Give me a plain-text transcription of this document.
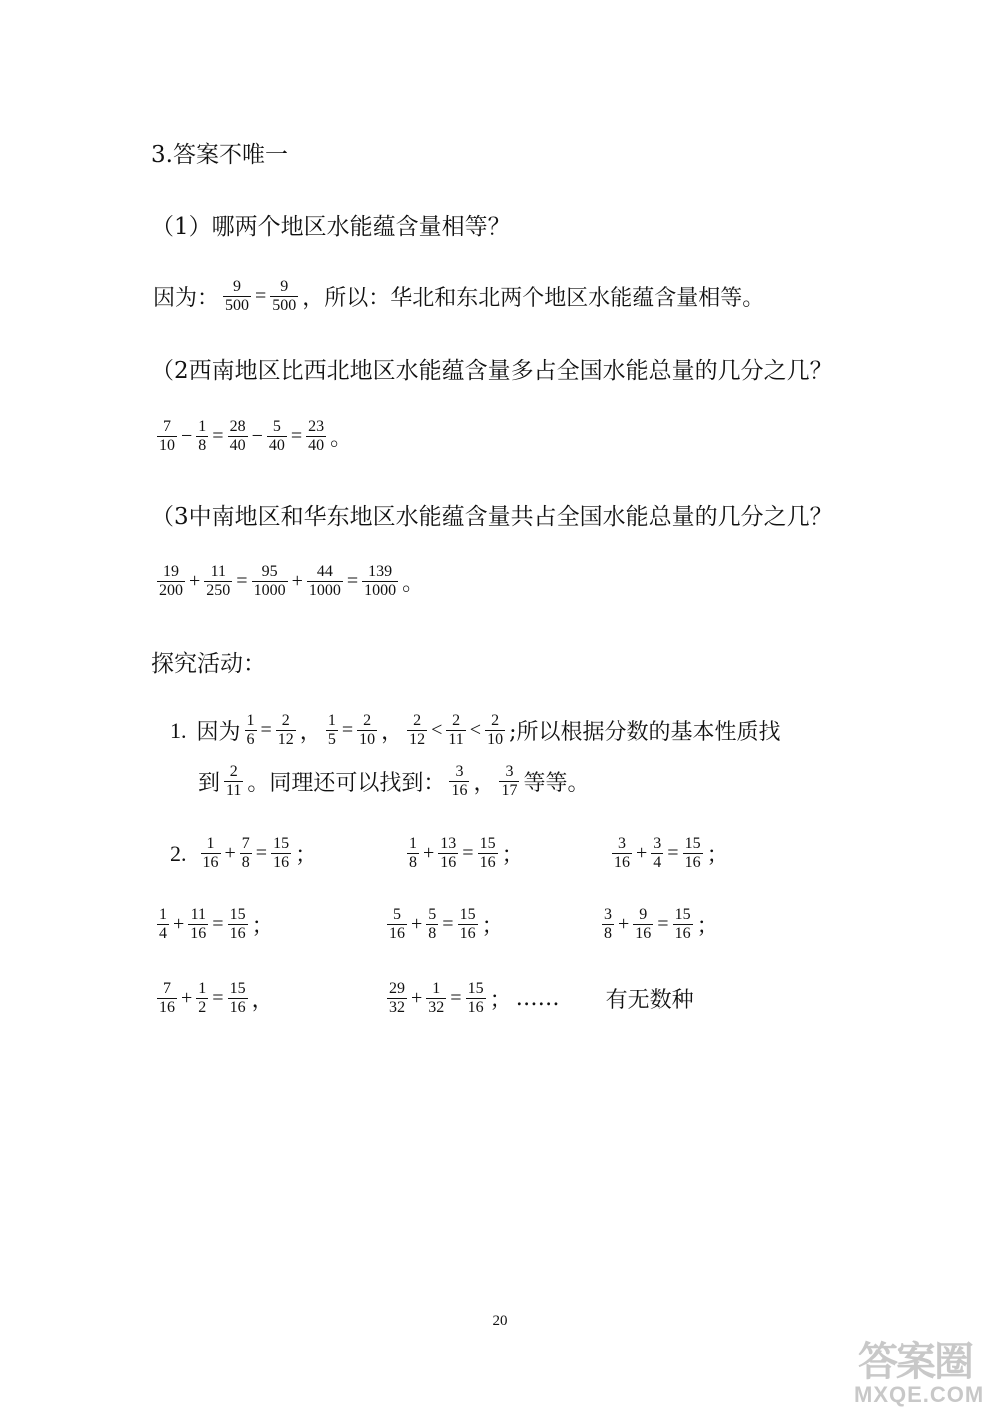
3.答案不唯一
（1）哪两个地区水能蕴含量相等？
因为： $\frac{9}{500} = \frac{9}{500}$ ，所以：华北和东北两个地区水能蕴含量相等。
（2西南地区比西北地区水能蕴含量多占全国水能总量的几分之几？
$\frac{7}{10} - \frac{1}{8} = \frac{28}{40} - \frac{5}{40} = \frac{23}{40}$ 。
（3中南地区和华东地区水能蕴含量共占全国水能总量的几分之几？
$\frac{19}{200} + \frac{11}{250} = \frac{95}{1000} + \frac{44}{1000} = \frac{139}{1000}$ 。
探究活动：
1. 因为 $\frac{1}{6} = \frac{2}{12}$ ， $\frac{1}{5} = \frac{2}{10}$ ， $\frac{2}{12} < \frac{2}{11} < \frac{2}{10}$ ;所以根据分数的基本性质找
到 $\frac{2}{11}$ 。同理还可以找到： $\frac{3}{16}$ ， $\frac{3}{17}$ 等等。
2. $\frac{1}{16} + \frac{7}{8} = \frac{15}{16}$ ；	$\frac{1}{8} + \frac{13}{16} = \frac{15}{16}$ ；	$\frac{3}{16} + \frac{3}{4} = \frac{15}{16}$ ；
$\frac{1}{4} + \frac{11}{16} = \frac{15}{16}$ ；	$\frac{5}{16} + \frac{5}{8} = \frac{15}{16}$ ；	$\frac{3}{8} + \frac{9}{16} = \frac{15}{16}$ ；
$\frac{7}{16} + \frac{1}{2} = \frac{15}{16}$ ，	$\frac{29}{32} + \frac{1}{32} = \frac{15}{16}$ ； …… 有无数种
20
答案圈
MXQE.COM
